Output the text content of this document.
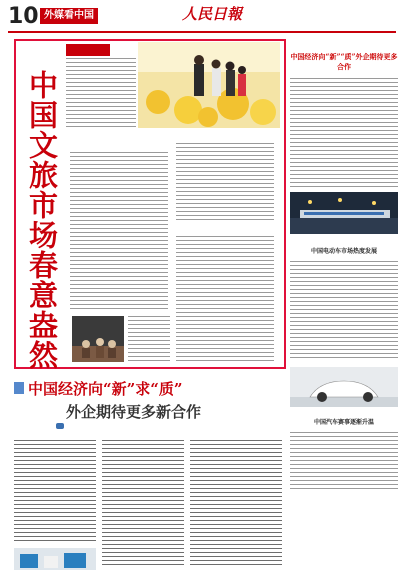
10 外媒看中国	人民日報
中国文旅市场春意盎然
中国经济向“新”“质”外企期待更多合作
中国电动车市场热度发展
中国汽车赛事逐渐升温
中国经济向“新”求“质”
外企期待更多新合作
